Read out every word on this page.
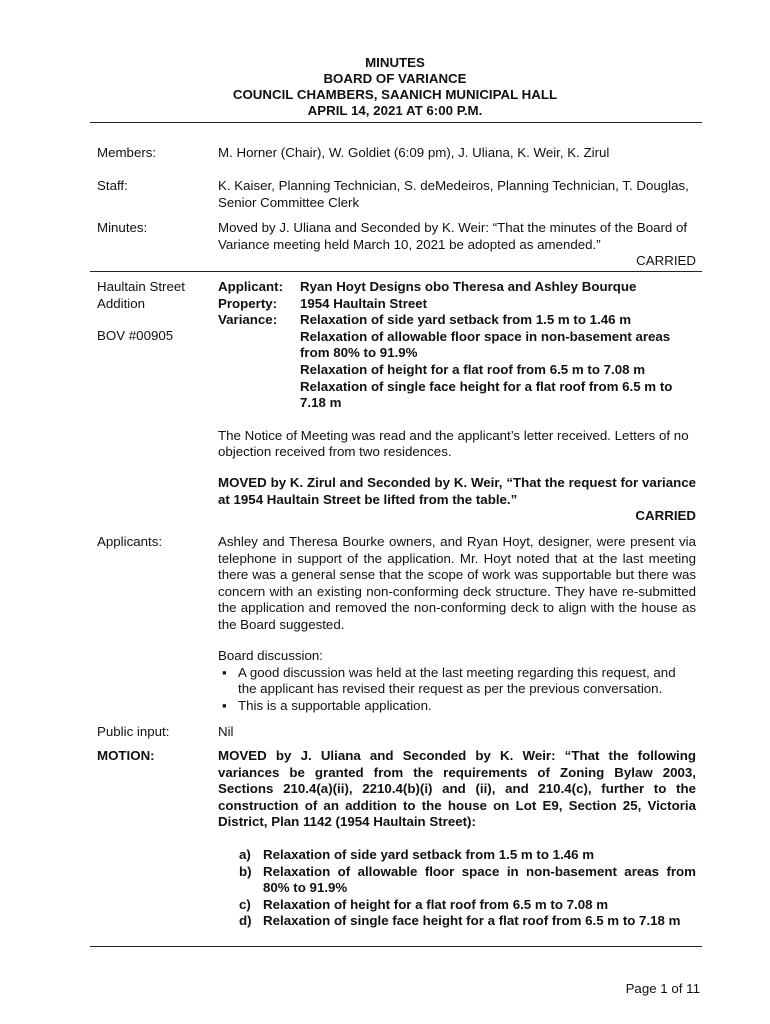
MINUTES
BOARD OF VARIANCE
COUNCIL CHAMBERS, SAANICH MUNICIPAL HALL
APRIL 14, 2021 AT 6:00 P.M.
Members:	M. Horner (Chair), W. Goldiet (6:09 pm), J. Uliana, K. Weir, K. Zirul
Staff:	K. Kaiser, Planning Technician, S. deMedeiros, Planning Technician, T. Douglas, Senior Committee Clerk
Minutes:	Moved by J. Uliana and Seconded by K. Weir: “That the minutes of the Board of Variance meeting held March 10, 2021 be adopted as amended.”
CARRIED
Haultain Street
Addition
BOV #00905
Applicant:	Ryan Hoyt Designs obo Theresa and Ashley Bourque
Property:	1954 Haultain Street
Variance:	Relaxation of side yard setback from 1.5 m to 1.46 m
Relaxation of allowable floor space in non-basement areas from 80% to 91.9%
Relaxation of height for a flat roof from 6.5 m to 7.08 m
Relaxation of single face height for a flat roof from 6.5 m to 7.18 m
The Notice of Meeting was read and the applicant’s letter received. Letters of no objection received from two residences.
MOVED by K. Zirul and Seconded by K. Weir, “That the request for variance at 1954 Haultain Street be lifted from the table.”
CARRIED
Applicants:	Ashley and Theresa Bourke owners, and Ryan Hoyt, designer, were present via telephone in support of the application. Mr. Hoyt noted that at the last meeting there was a general sense that the scope of work was supportable but there was concern with an existing non-conforming deck structure. They have re-submitted the application and removed the non-conforming deck to align with the house as the Board suggested.
Board discussion:
▪ A good discussion was held at the last meeting regarding this request, and the applicant has revised their request as per the previous conversation.
▪ This is a supportable application.
Public input:	Nil
MOTION:	MOVED by J. Uliana and Seconded by K. Weir: “That the following variances be granted from the requirements of Zoning Bylaw 2003, Sections 210.4(a)(ii), 2210.4(b)(i) and (ii), and 210.4(c), further to the construction of an addition to the house on Lot E9, Section 25, Victoria District, Plan 1142 (1954 Haultain Street):
a) Relaxation of side yard setback from 1.5 m to 1.46 m
b) Relaxation of allowable floor space in non-basement areas from 80% to 91.9%
c) Relaxation of height for a flat roof from 6.5 m to 7.08 m
d) Relaxation of single face height for a flat roof from 6.5 m to 7.18 m
Page 1 of 11
